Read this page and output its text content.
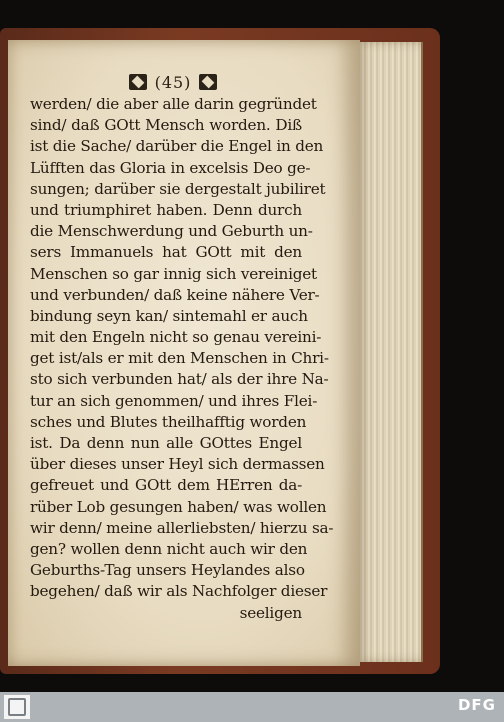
(45)
werden/ die aber alle darin gegründet
sind/ daß GOtt Mensch worden. Diß
ist die Sache/ darüber die Engel in den
Lüfften das Gloria in excelsis Deo ge-
sungen; darüber sie dergestalt jubiliret
und triumphiret haben. Denn durch
die Menschwerdung und Geburth un-
sers Immanuels hat GOtt mit den
Menschen so gar innig sich vereiniget
und verbunden/ daß keine nähere Ver-
bindung seyn kan/ sintemahl er auch
mit den Engeln nicht so genau vereini-
get ist/als er mit den Menschen in Chri-
sto sich verbunden hat/ als der ihre Na-
tur an sich genommen/ und ihres Flei-
sches und Blutes theilhafftig worden
ist. Da denn nun alle GOttes Engel
über dieses unser Heyl sich dermassen
gefreuet und GOtt dem HErren da-
rüber Lob gesungen haben/ was wollen
wir denn/ meine allerliebsten/ hierzu sa-
gen? wollen denn nicht auch wir den
Geburths-Tag unsers Heylandes also
begehen/ daß wir als Nachfolger dieser
seeligen
DFG
